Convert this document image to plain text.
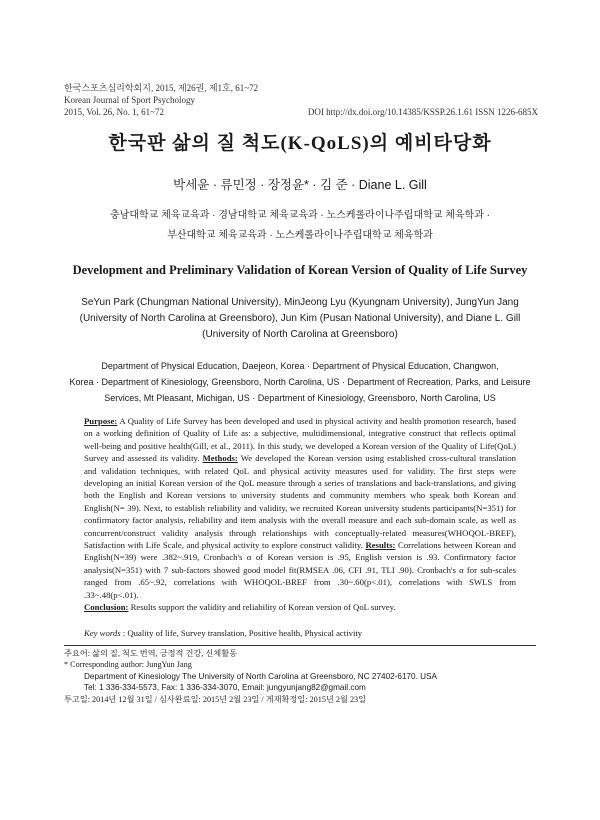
한국스포츠심리학회지, 2015, 제26권, 제1호, 61~72
Korean Journal of Sport Psychology
2015, Vol. 26, No. 1, 61~72	DOI http://dx.doi.org/10.14385/KSSP.26.1.61 ISSN 1226-685X
한국판 삶의 질 척도(K-QoLS)의 예비타당화
박세윤 · 류민정 · 장정윤* · 김 준 · Diane L. Gill
충남대학교 체육교육과 · 경남대학교 체육교육과 · 노스케롤라이나주립대학교 체육학과 ·
부산대학교 체육교육과 · 노스케롤라이나주립대학교 체육학과
Development and Preliminary Validation of Korean Version of Quality of Life Survey
SeYun Park (Chungman National University), MinJeong Lyu (Kyungnam University), JungYun Jang
(University of North Carolina at Greensboro), Jun Kim (Pusan National University), and Diane L. Gill
(University of North Carolina at Greensboro)
Department of Physical Education, Daejeon, Korea · Department of Physical Education, Changwon,
Korea · Department of Kinesiology, Greensboro, North Carolina, US · Department of Recreation, Parks, and Leisure
Services, Mt Pleasant, Michigan, US · Department of Kinesiology, Greensboro, North Carolina, US
Purpose: A Quality of Life Survey has been developed and used in physical activity and health promotion research, based on a working definition of Quality of Life as: a subjective, multidimensional, integrative construct that reflects optimal well-being and positive health(Gill, et al., 2011). In this study, we developed a Korean version of the Quality of Life(QoL) Survey and assessed its validity. Methods: We developed the Korean version using established cross-cultural translation and validation techniques, with related QoL and physical activity measures used for validity. The first steps were developing an initial Korean version of the QoL measure through a series of translations and back-translations, and giving both the English and Korean versions to university students and community members who speak both Korean and English(N= 39). Next, to establish reliability and validity, we recruited Korean university students participants(N=351) for confirmatory factor analysis, reliability and item analysis with the overall measure and each sub-domain scale, as well as concurrent/construct validity analysis through relationships with conceptually-related measures(WHOQOL-BREF), Satisfaction with Life Scale, and physical activity to explore construct validity. Results: Correlations between Korean and English(N=39) were .382~.919, Cronbach's α of Korean version is .95, English version is .93. Confirmatory factor analysis(N=351) with 7 sub-factors showed good model fit(RMSEA .06, CFI .91, TLI .90). Cronbach's α for sub-scales ranged from .65~.92, correlations with WHOQOL-BREF from .30~.60(p<.01), correlations with SWLS from .33~.48(p<.01).
Conclusion: Results support the validity and reliability of Korean version of QoL survey.
Key words : Quality of life, Survey translation, Positive health, Physical activity
주요어: 삶의 질, 척도 번역, 긍정적 건강, 신체활동
* Corresponding author: JungYun Jang
Department of Kinesiology The University of North Carolina at Greensboro, NC 27402-6170. USA
Tel: 1 336-334-5573, Fax: 1 336-334-3070, Email: jungyunjang82@gmail.com
투고일: 2014년 12월 31일 / 심사완료일: 2015년 2월 23일 / 게재확정일: 2015년 2월 23일
